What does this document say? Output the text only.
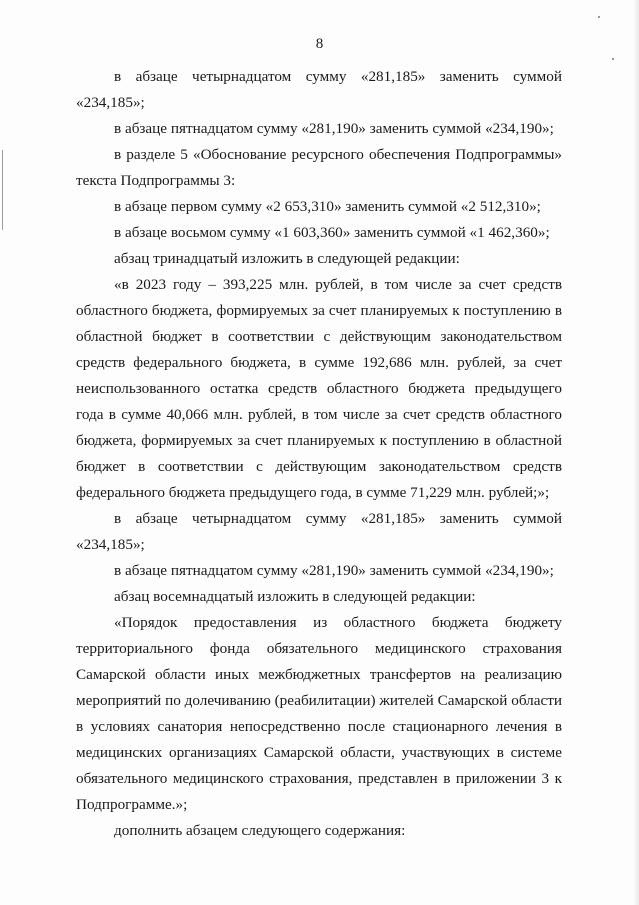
8

в абзаце четырнадцатом сумму «281,185» заменить суммой «234,185»;

в абзаце пятнадцатом сумму «281,190» заменить суммой «234,190»;

в разделе 5 «Обоснование ресурсного обеспечения Подпрограммы» текста Подпрограммы 3:

в абзаце первом сумму «2 653,310» заменить суммой «2 512,310»;

в абзаце восьмом сумму «1 603,360» заменить суммой «1 462,360»;

абзац тринадцатый изложить в следующей редакции:

«в 2023 году – 393,225 млн. рублей, в том числе за счет средств областного бюджета, формируемых за счет планируемых к поступлению в областной бюджет в соответствии с действующим законодательством средств федерального бюджета, в сумме 192,686 млн. рублей, за счет неиспользованного остатка средств областного бюджета предыдущего года в сумме 40,066 млн. рублей, в том числе за счет средств областного бюджета, формируемых за счет планируемых к поступлению в областной бюджет в соответствии с действующим законодательством средств федерального бюджета предыдущего года, в сумме 71,229 млн. рублей;»;

в абзаце четырнадцатом сумму «281,185» заменить суммой «234,185»;

в абзаце пятнадцатом сумму «281,190» заменить суммой «234,190»;

абзац восемнадцатый изложить в следующей редакции:

«Порядок предоставления из областного бюджета бюджету территориального фонда обязательного медицинского страхования Самарской области иных межбюджетных трансфертов на реализацию мероприятий по долечиванию (реабилитации) жителей Самарской области в условиях санатория непосредственно после стационарного лечения в медицинских организациях Самарской области, участвующих в системе обязательного медицинского страхования, представлен в приложении 3 к Подпрограмме.»;

дополнить абзацем следующего содержания:
